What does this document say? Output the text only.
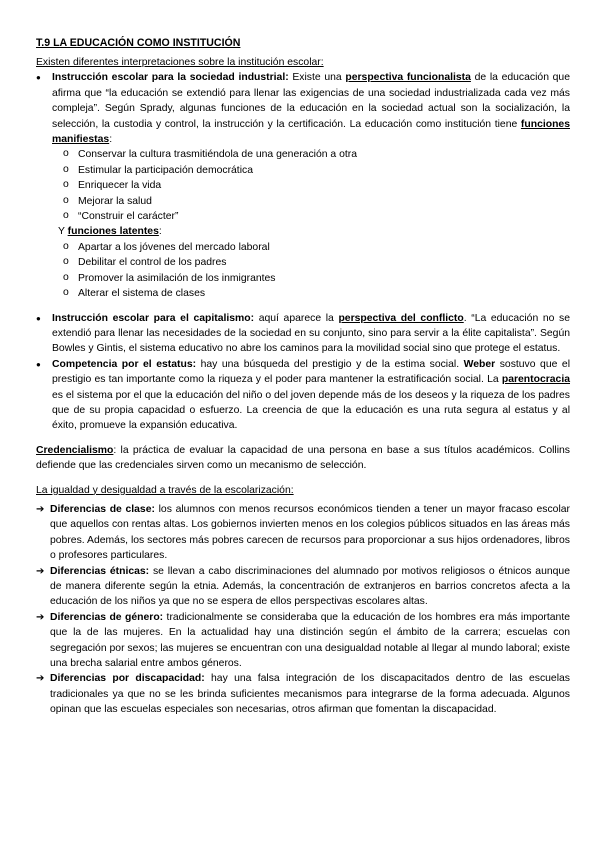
T.9 LA EDUCACIÓN COMO INSTITUCIÓN

Existen diferentes interpretaciones sobre la institución escolar:

● Instrucción escolar para la sociedad industrial: Existe una perspectiva funcionalista de la educación que afirma que “la educación se extendió para llenar las exigencias de una sociedad industrializada cada vez más compleja”. Según Sprady, algunas funciones de la educación en la sociedad actual son la socialización, la selección, la custodia y control, la instrucción y la certificación. La educación como institución tiene funciones manifiestas:
o Conservar la cultura trasmitiéndola de una generación a otra
o Estimular la participación democrática
o Enriquecer la vida
o Mejorar la salud
o “Construir el carácter”
Y funciones latentes:
o Apartar a los jóvenes del mercado laboral
o Debilitar el control de los padres
o Promover la asimilación de los inmigrantes
o Alterar el sistema de clases
● Instrucción escolar para el capitalismo: aquí aparece la perspectiva del conflicto. “La educación no se extendió para llenar las necesidades de la sociedad en su conjunto, sino para servir a la élite capitalista”. Según Bowles y Gintis, el sistema educativo no abre los caminos para la movilidad social sino que protege el estatus.
● Competencia por el estatus: hay una búsqueda del prestigio y de la estima social. Weber sostuvo que el prestigio es tan importante como la riqueza y el poder para mantener la estratificación social. La parentocracia es el sistema por el que la educación del niño o del joven depende más de los deseos y la riqueza de los padres que de su propia capacidad o esfuerzo. La creencia de que la educación es una ruta segura al estatus y al éxito, promueve la expansión educativa.

Credencialismo: la práctica de evaluar la capacidad de una persona en base a sus títulos académicos. Collins defiende que las credenciales sirven como un mecanismo de selección.

La igualdad y desigualdad a través de la escolarización:

➔ Diferencias de clase: los alumnos con menos recursos económicos tienden a tener un mayor fracaso escolar que aquellos con rentas altas. Los gobiernos invierten menos en los colegios públicos situados en las áreas más pobres. Además, los sectores más pobres carecen de recursos para proporcionar a sus hijos ordenadores, libros o profesores particulares.
➔ Diferencias étnicas: se llevan a cabo discriminaciones del alumnado por motivos religiosos o étnicos aunque de manera diferente según la etnia. Además, la concentración de extranjeros en barrios concretos afecta a la educación de los niños ya que no se espera de ellos perspectivas escolares altas.
➔ Diferencias de género: tradicionalmente se consideraba que la educación de los hombres era más importante que la de las mujeres. En la actualidad hay una distinción según el ámbito de la carrera; escuelas con segregación por sexos; las mujeres se encuentran con una desigualdad notable al llegar al mundo laboral; existe una brecha salarial entre ambos géneros.
➔ Diferencias por discapacidad: hay una falsa integración de los discapacitados dentro de las escuelas tradicionales ya que no se les brinda suficientes mecanismos para integrarse de la forma adecuada. Algunos opinan que las escuelas especiales son necesarias, otros afirman que fomentan la discapacidad.
